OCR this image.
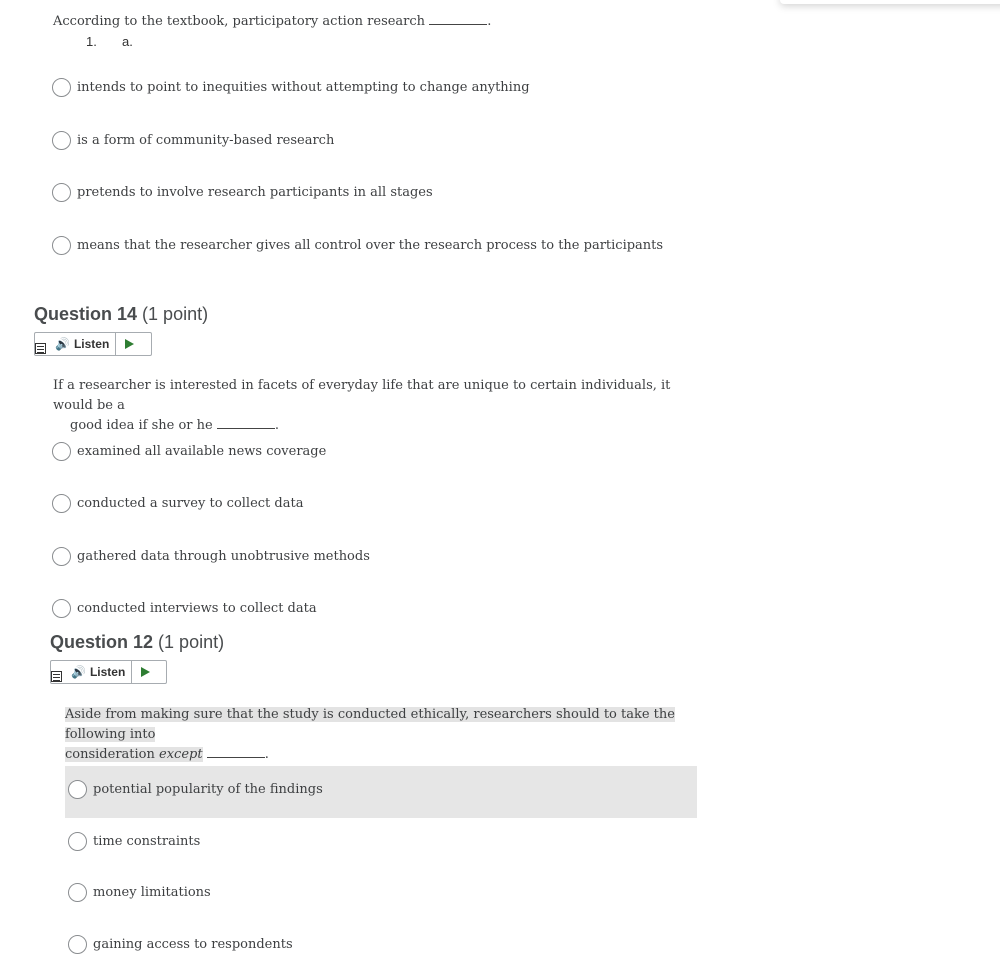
According to the textbook, participatory action research	.
1. a.
intends to point to inequities without attempting to change anything
is a form of community-based research
pretends to involve research participants in all stages
means that the researcher gives all control over the research process to the participants
Question 14 (1 point)
🔊 Listen
If a researcher is interested in facets of everyday life that are unique to certain individuals, it would be a
good idea if she or he	.
examined all available news coverage
conducted a survey to collect data
gathered data through unobtrusive methods
conducted interviews to collect data
Question 12 (1 point)
🔊 Listen
Aside from making sure that the study is conducted ethically, researchers should to take the following into
consideration except	.
potential popularity of the findings
time constraints
money limitations
gaining access to respondents
